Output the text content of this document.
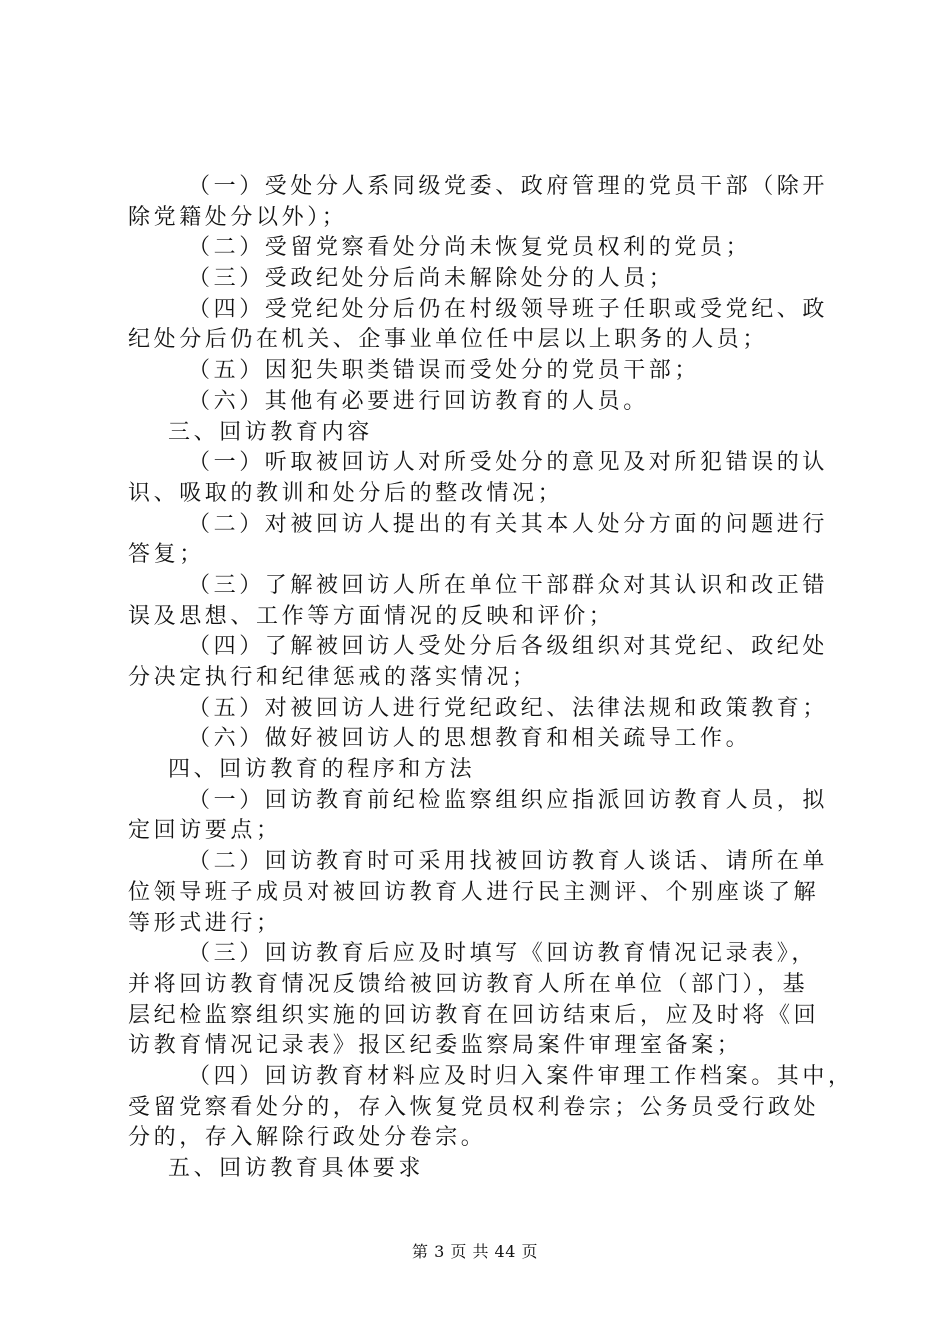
（一）受处分人系同级党委、政府管理的党员干部（除开
除党籍处分以外）；
（二）受留党察看处分尚未恢复党员权利的党员；
（三）受政纪处分后尚未解除处分的人员；
（四）受党纪处分后仍在村级领导班子任职或受党纪、政
纪处分后仍在机关、企事业单位任中层以上职务的人员；
（五）因犯失职类错误而受处分的党员干部；
（六）其他有必要进行回访教育的人员。
三、回访教育内容
（一）听取被回访人对所受处分的意见及对所犯错误的认
识、吸取的教训和处分后的整改情况；
（二）对被回访人提出的有关其本人处分方面的问题进行
答复；
（三）了解被回访人所在单位干部群众对其认识和改正错
误及思想、工作等方面情况的反映和评价；
（四）了解被回访人受处分后各级组织对其党纪、政纪处
分决定执行和纪律惩戒的落实情况；
（五）对被回访人进行党纪政纪、法律法规和政策教育；
（六）做好被回访人的思想教育和相关疏导工作。
四、回访教育的程序和方法
（一）回访教育前纪检监察组织应指派回访教育人员，拟
定回访要点；
（二）回访教育时可采用找被回访教育人谈话、请所在单
位领导班子成员对被回访教育人进行民主测评、个别座谈了解
等形式进行；
（三）回访教育后应及时填写《回访教育情况记录表》，
并将回访教育情况反馈给被回访教育人所在单位（部门），基
层纪检监察组织实施的回访教育在回访结束后，应及时将《回
访教育情况记录表》报区纪委监察局案件审理室备案；
（四）回访教育材料应及时归入案件审理工作档案。其中，
受留党察看处分的，存入恢复党员权利卷宗；公务员受行政处
分的，存入解除行政处分卷宗。
五、回访教育具体要求
第 3 页 共 44 页
